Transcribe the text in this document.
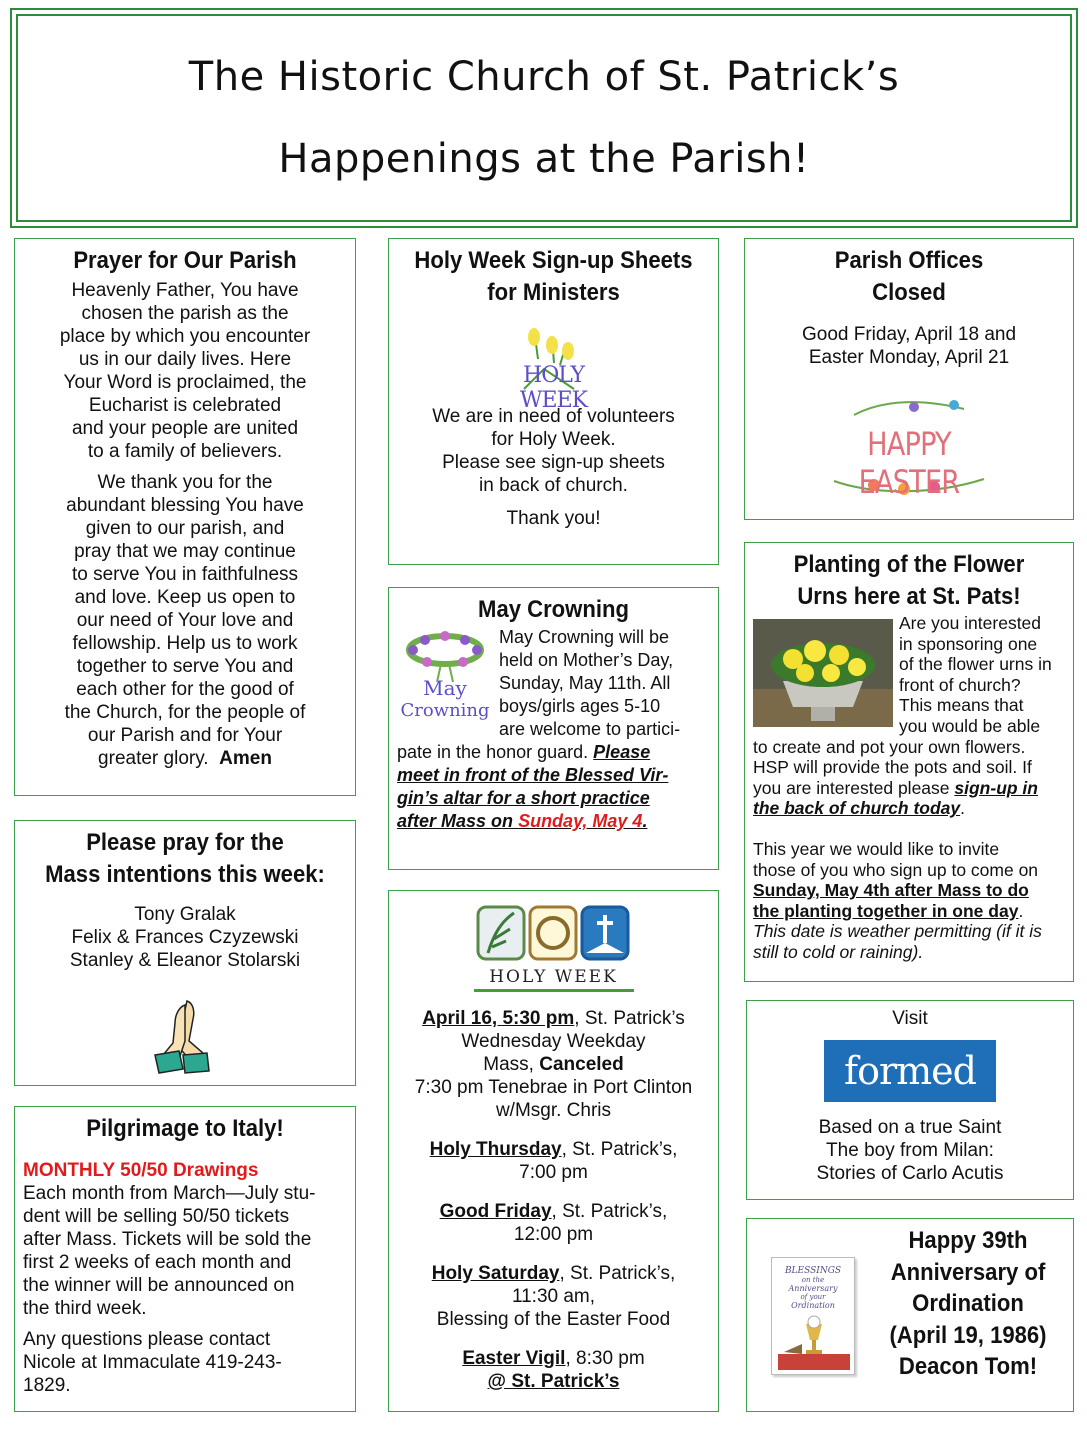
The Historic Church of St. Patrick’s
Happenings at the Parish!
Prayer for Our Parish
Heavenly Father, You have
chosen the parish as the
place by which you encounter
us in our daily lives. Here
Your Word is proclaimed, the
Eucharist is celebrated
and your people are united
to a family of believers.
We thank you for the
abundant blessing You have
given to our parish, and
pray that we may continue
to serve You in faithfulness
and love. Keep us open to
our need of Your love and
fellowship. Help us to work
together to serve You and
each other for the good of
the Church, for the people of
our Parish and for Your
greater glory. Amen
Please pray for the
Mass intentions this week:
Tony Gralak
Felix & Frances Czyzewski
Stanley & Eleanor Stolarski
Pilgrimage to Italy!
MONTHLY 50/50 Drawings
Each month from March—July stu-
dent will be selling 50/50 tickets
after Mass. Tickets will be sold the
first 2 weeks of each month and
the winner will be announced on
the third week.
Any questions please contact
Nicole at Immaculate 419-243-
1829.
Holy Week Sign-up Sheets
for Ministers
HOLY WEEK
We are in need of volunteers
for Holy Week.
Please see sign-up sheets
in back of church.
Thank you!
May Crowning
May
Crowning
May Crowning will be
held on Mother’s Day,
Sunday, May 11th. All
boys/girls ages 5-10
are welcome to partici-
pate in the honor guard. Please
meet in front of the Blessed Vir-
gin’s altar for a short practice
after Mass on Sunday, May 4.
HOLY WEEK
April 16, 5:30 pm, St. Patrick’s
Wednesday Weekday
Mass, Canceled
7:30 pm Tenebrae in Port Clinton
w/Msgr. Chris
Holy Thursday, St. Patrick’s,
7:00 pm
Good Friday, St. Patrick’s,
12:00 pm
Holy Saturday, St. Patrick’s,
11:30 am,
Blessing of the Easter Food
Easter Vigil, 8:30 pm
@ St. Patrick’s
Parish Offices
Closed
Good Friday, April 18 and
Easter Monday, April 21
HAPPY EASTER
Planting of the Flower
Urns here at St. Pats!
Are you interested
in sponsoring one
of the flower urns in
front of church?
This means that
you would be able
to create and pot your own flowers.
HSP will provide the pots and soil. If
you are interested please sign-up in
the back of church today.
This year we would like to invite
those of you who sign up to come on
Sunday, May 4th after Mass to do
the planting together in one day.
This date is weather permitting (if it is
still to cold or raining).
Visit
formed
Based on a true Saint
The boy from Milan:
Stories of Carlo Acutis
BLESSINGS
on the
Anniversary
of your
Ordination
Happy 39th
Anniversary of
Ordination
(April 19, 1986)
Deacon Tom!
